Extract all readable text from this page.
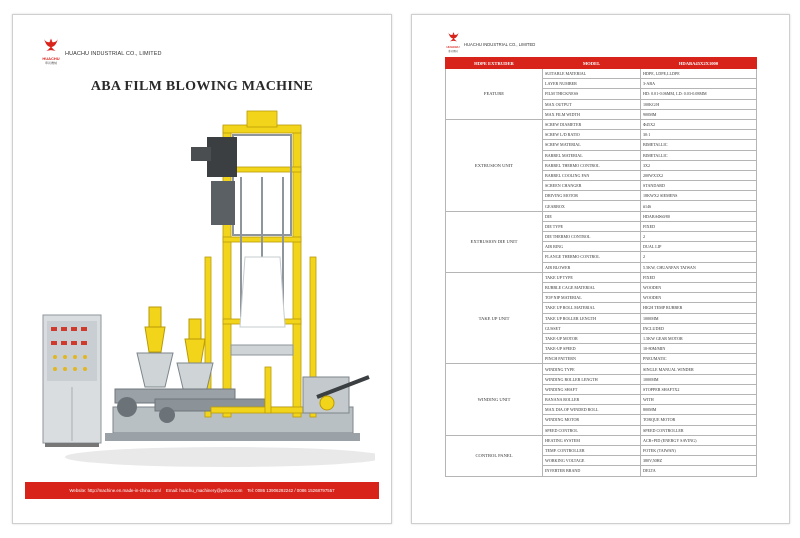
HUACHU
華初機械
HUACHU INDUSTRIAL CO., LIMITED
ABA FILM BLOWING MACHINE
Website: http://machine.en.made-in-china.com/ Email: huachu_machinery@yahoo.com Tel: 0086 13906292242 / 0086 15268797557
HUACHU
華初機械
HUACHU INDUSTRIAL CO., LIMITED
HDPE EXTRUDER	MODEL	HDABA45X2X1000
FEATURE	SUITABLE MATERIAL	HDPE, LDPE,LLDPE
	LAYER NUMBER	3-ABA
	FILM THICKNESS	HD: 0.01-0.06MM, LD: 0.03-0.08MM
	MAX OUTPUT	100KG/H
	MAX FILM WIDTH	900MM
EXTRUSION UNIT	SCREW DIAMETER	Φ45X2
	SCREW L/D RATIO	30:1
	SCREW MATERIAL	BIMETALLIC
	BARREL MATERIAL	BIMETALLIC
	BARREL THERMO CONTROL	3X2
	BARREL COOLING FAN	200WX3X2
	SCREEN CHANGER	STANDARD
	DRIVING MOTOR	18KWX2 SIEMENS
	GEARBOX	#146
EXTRUSION DIE UNIT	DIE	HDABAΦ60/80
	DIE TYPE	FIXED
	DIE THERMO CONTROL	2
	AIR RING	DUAL LIP
	FLANGE THERMO CONTROL	2
	AIR BLOWER	5.5KW, CHUANFAN TAIWAN
TAKE UP UNIT	TAKE UP TYPE	FIXED
	BUBBLE CAGE MATERIAL	WOODEN
	TOP NIP MATERIAL	WOODEN
	TAKE UP ROLL MATERIAL	HIGH TEMP RUBBER
	TAKE UP ROLLER LENGTH	1000MM
	GUSSET	INCLUDED
	TAKE-UP MOTOR	1.5KW GEAR MOTOR
	TAKE-UP SPEED	10-80M/MIN
	PINCH PATTERN	PNEUMATIC
WINDING UNIT	WINDING TYPE	SINGLE MANUAL WINDER
	WINDING ROLLER LENGTH	1000MM
	WINDING SHAFT	STOPPER SHAFTX2
	BANANA ROLLER	WITH
	MAX DIA.OF WINDED ROLL	800MM
	WINDING MOTOR	TORQUE MOTOR
	SPEED CONTROL	SPEED CONTROLLER
CONTROL PANEL	HEATING SYSTEM	ACR+PID (ENERGY SAVING)
	TEMP. CONTROLLER	FOTEK (TAIWAN)
	WORKING VOLTAGE	380V,50HZ
	INVERTER BRAND	DELTA
